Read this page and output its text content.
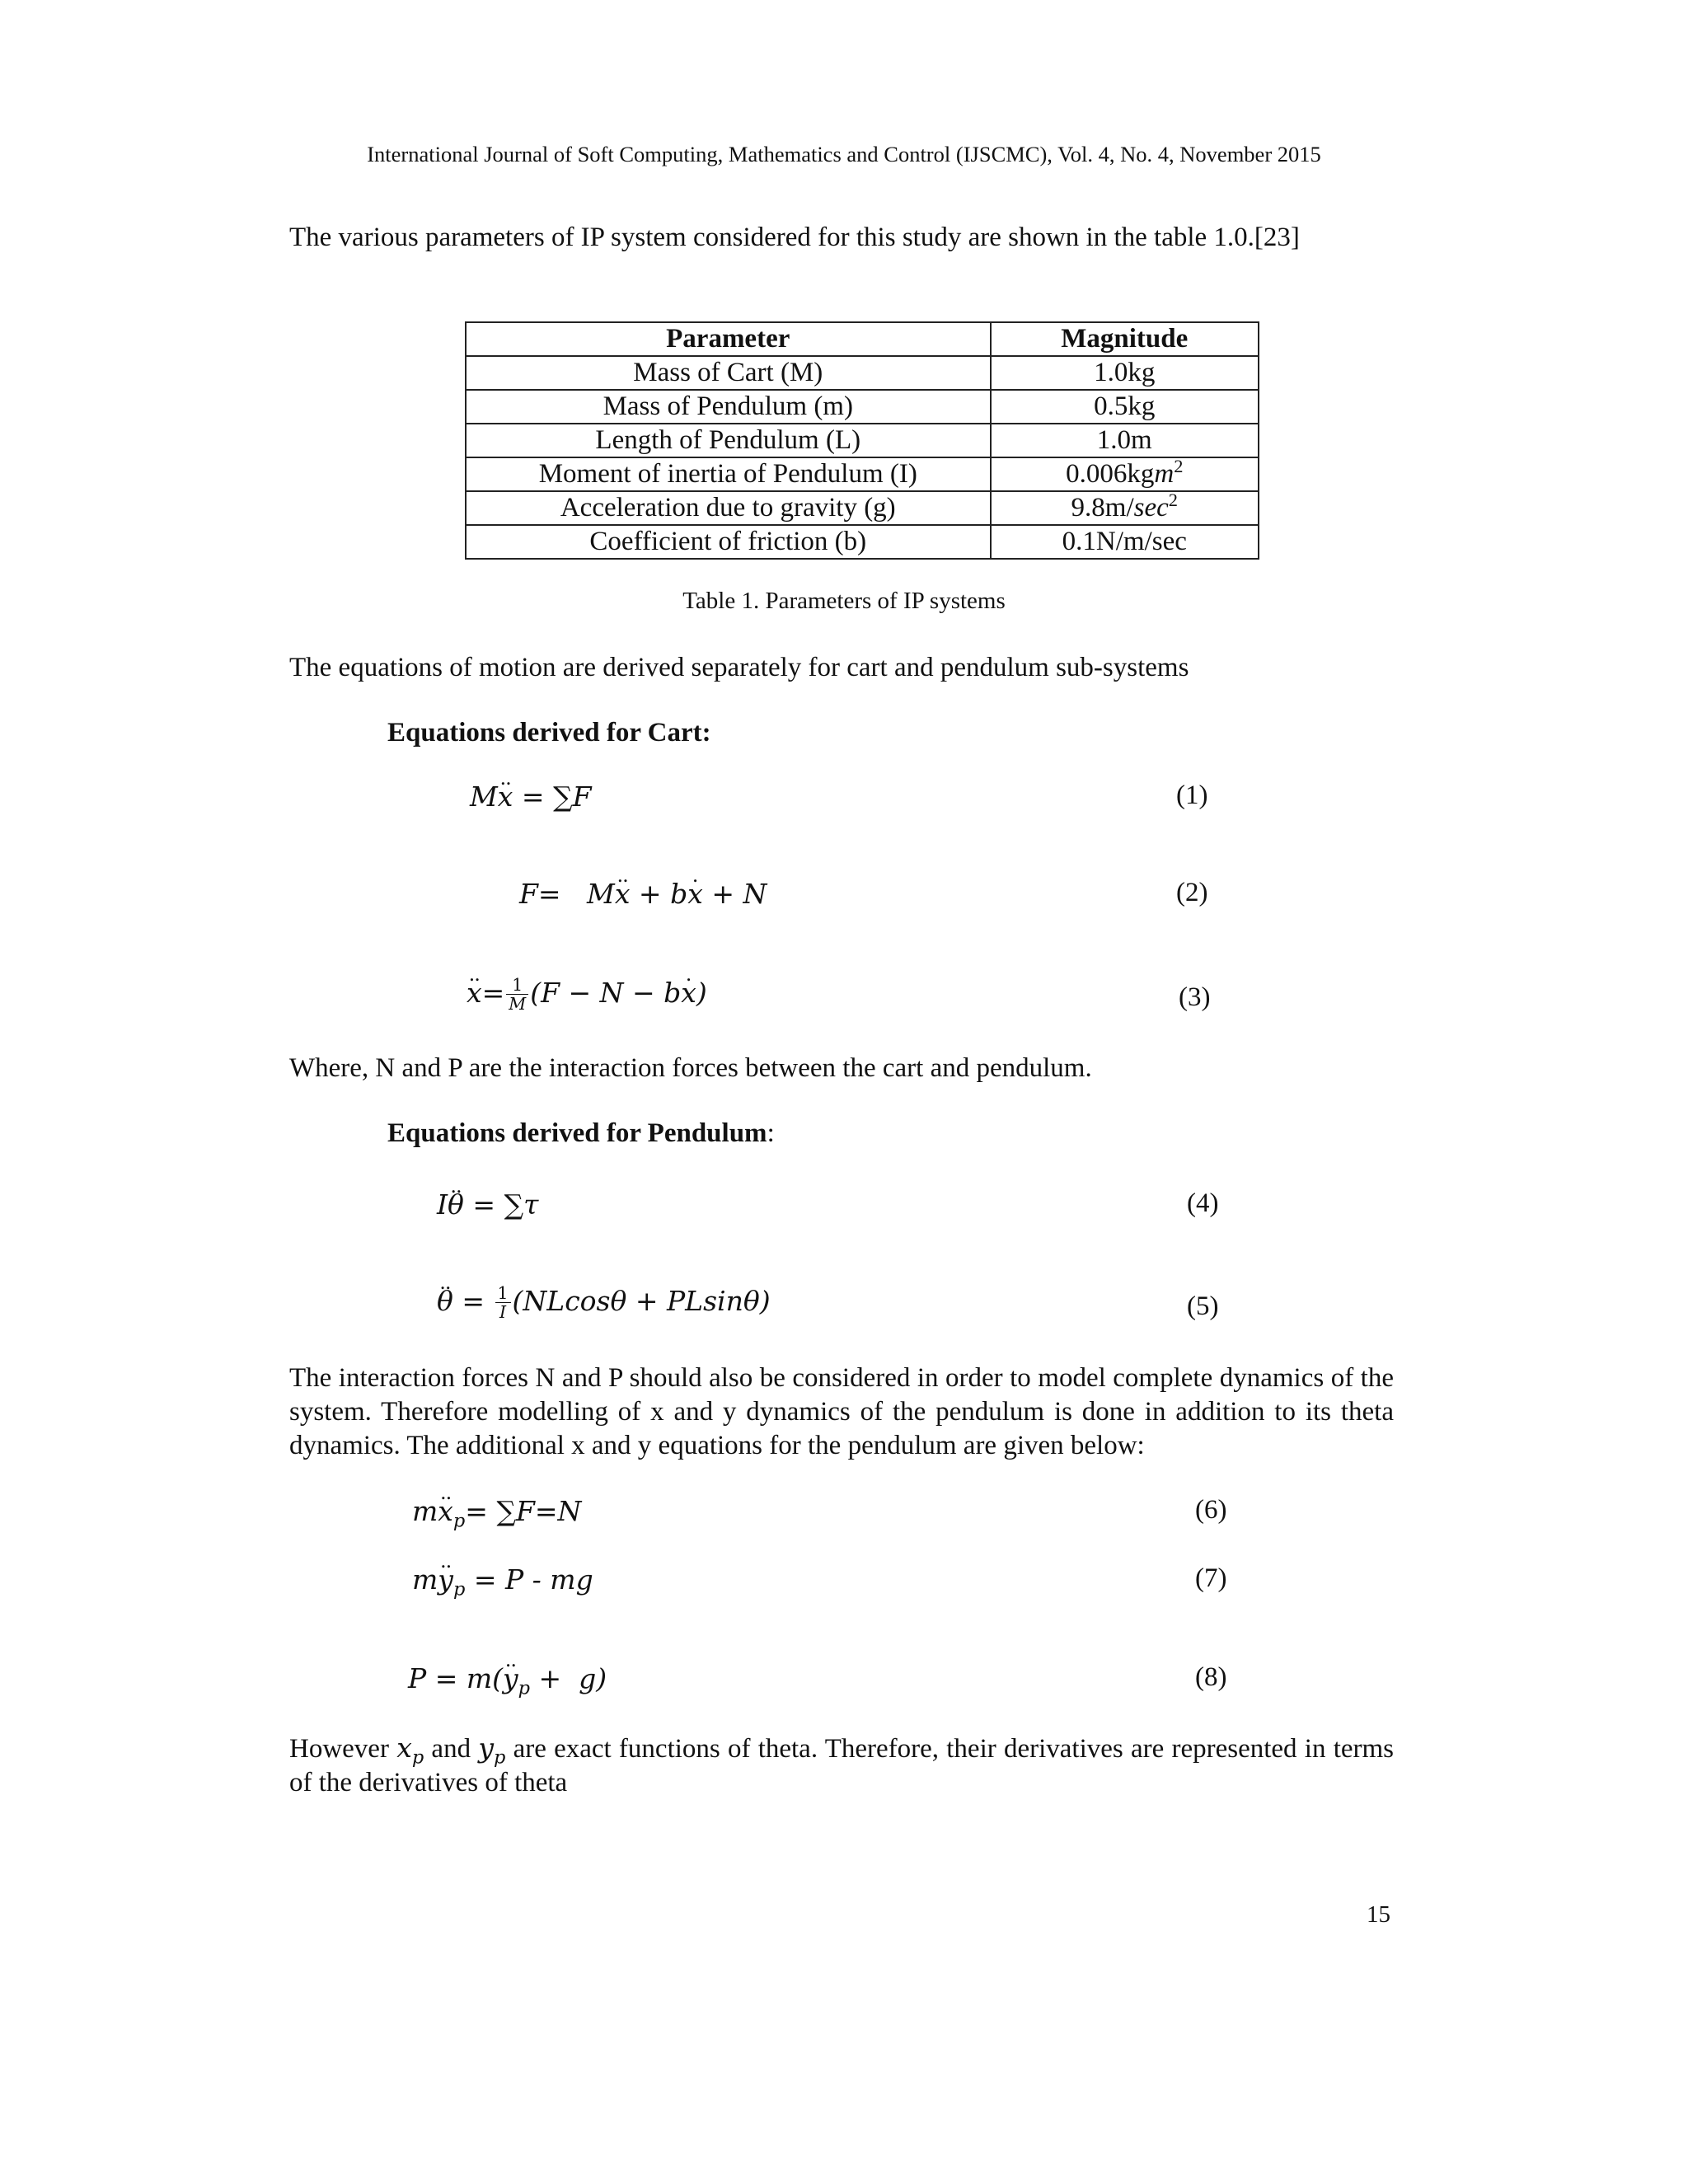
International Journal of Soft Computing, Mathematics and Control (IJSCMC), Vol. 4, No. 4, November 2015
The various parameters of IP system considered for this study are shown in the table 1.0.[23]
Parameter	Magnitude
Mass of Cart (M)	1.0kg
Mass of Pendulum (m)	0.5kg
Length of Pendulum (L)	1.0m
Moment of inertia of Pendulum (I)	0.006kgm$^2$
Acceleration due to gravity (g)	$9.8m/\sec^2$
Coefficient of friction (b)	0.1N/m/sec
Table 1. Parameters of IP systems
The equations of motion are derived separately for cart and pendulum sub-systems
Equations derived for Cart:
M.. x = ∑F	(1)
F=   M.. x + b. x + N	(2)
.. $x= \frac{1}{M} (F - N - b$. x)	(3)
Where, N and P are the interaction forces between the cart and pendulum.
Equations derived for Pendulum:
I.. θ = ∑τ	(4)
.. $\theta = \frac{1}{I} (NLcos\theta + PLsin\theta)$	(5)
The interaction forces N and P should also be considered in order to model complete dynamics of the system. Therefore modelling of x and y dynamics of the pendulum is done in addition to its theta dynamics. The additional x and y equations for the pendulum are given below:
m.. $x_p= \sum F=N$	(6)
m.. $y_p = P$ - mg	(7)
P = m(.. $y_p + g$)	(8)
However $x_p$ and $y_p$ are exact functions of theta. Therefore, their derivatives are represented in terms of the derivatives of theta
15
